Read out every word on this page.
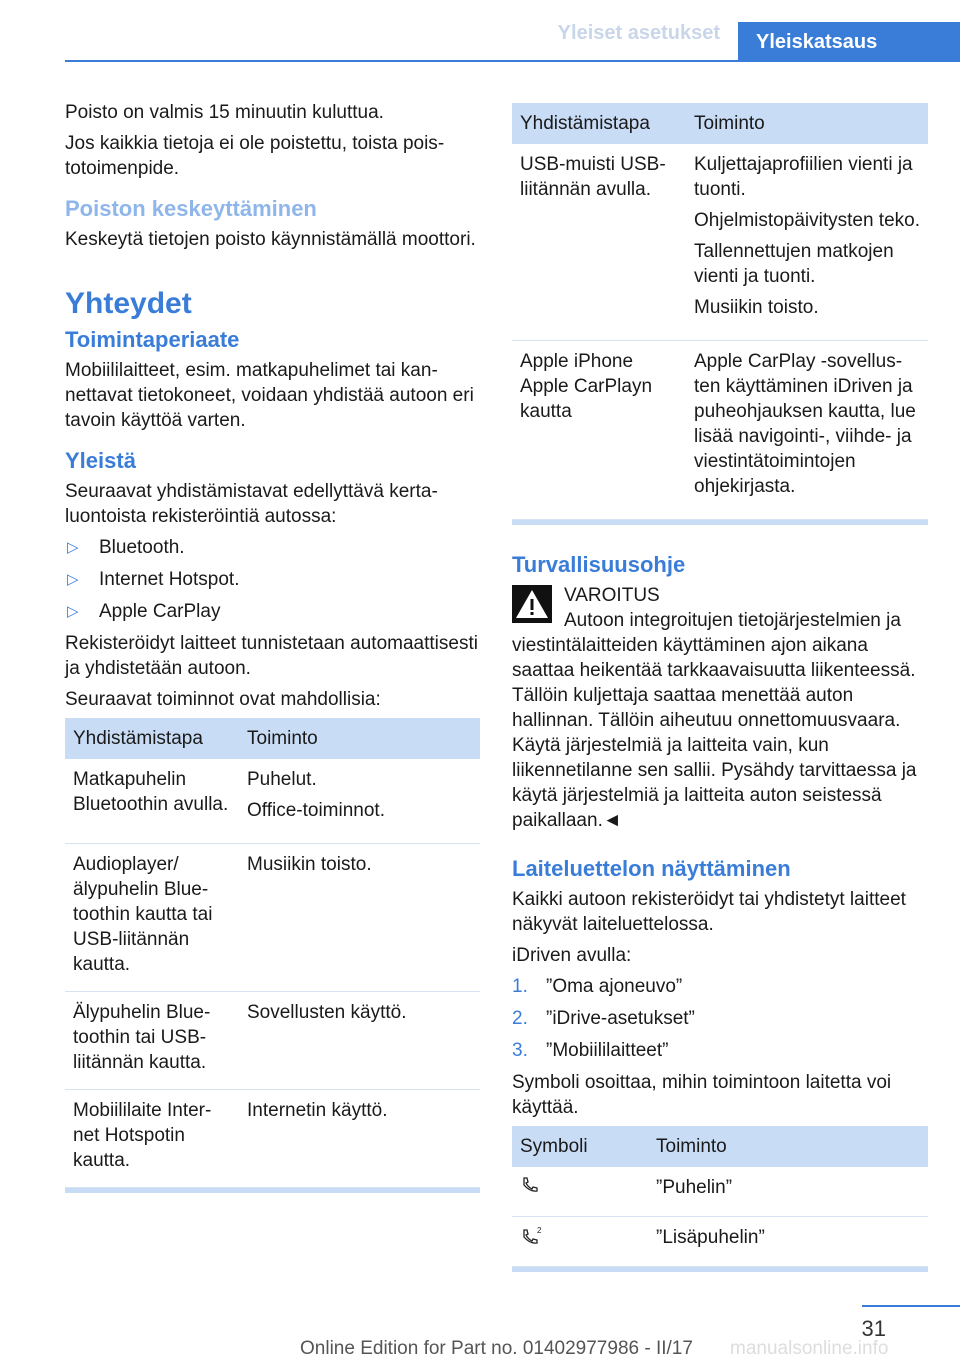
Yleiset asetukset	Yleiskatsaus

Poisto on valmis 15 minuutin kuluttua.

Jos kaikkia tietoja ei ole poistettu, toista poistotoimenpide.

Poiston keskeyttäminen

Keskeytä tietojen poisto käynnistämällä moottori.

Yhteydet
Toimintaperiaate

Mobiililaitteet, esim. matkapuhelimet tai kannettavat tietokoneet, voidaan yhdistää autoon eri tavoin käyttöä varten.

Yleistä

Seuraavat yhdistämistavat edellyttävä kertaluontoista rekisteröintiä autossa:

▷ Bluetooth.
▷ Internet Hotspot.
▷ Apple CarPlay

Rekisteröidyt laitteet tunnistetaan automaattisesti ja yhdistetään autoon.

Seuraavat toiminnot ovat mahdollisia:

Yhdistämistapa	Toiminto
Matkapuhelin Bluetoothin avulla.	Puhelut.

Office-toiminnot.

Audioplayer/ älypuhelin Bluetoothin kautta tai USB-liitännän kautta.	Musiikin toisto.

Älypuhelin Bluetoothin tai USB-liitännän kautta.	Sovellusten käyttö.

Mobiililaite Internet Hotspotin kautta.	Internetin käyttö.

Yhdistämistapa	Toiminto
USB-muisti USB-liitännän avulla.	Kuljettajaprofiilien vienti ja tuonti.

Ohjelmistopäivitysten teko.

Tallennettujen matkojen vienti ja tuonti.

Musiikin toisto.

Apple iPhone Apple CarPlayn kautta	Apple CarPlay -sovellusten käyttäminen iDriven ja puheohjauksen kautta, lue lisää navigointi-, viihde- ja viestintätoimintojen ohjekirjasta.

Turvallisuusohje
VAROITUS

Autoon integroitujen tietojärjestelmien ja viestintälaitteiden käyttäminen ajon aikana saattaa heikentää tarkkaavaisuutta liikenteessä. Tällöin kuljettaja saattaa menettää auton hallinnan. Tällöin aiheutuu onnettomuusvaara. Käytä järjestelmiä ja laitteita vain, kun liikennetilanne sen sallii. Pysähdy tarvittaessa ja käytä järjestelmiä ja laitteita auton seistessä paikallaan.◄

Laiteluettelon näyttäminen

Kaikki autoon rekisteröidyt tai yhdistetyt laitteet näkyvät laiteluettelossa.

iDriven avulla:

1. ”Oma ajoneuvo”
2. ”iDrive-asetukset”
3. ”Mobiililaitteet”

Symboli osoittaa, mihin toimintoon laitetta voi käyttää.

Symboli	Toiminto
	”Puhelin”

2	”Lisäpuhelin”
31
Online Edition for Part no. 01402977986 - II/17 manualsonline.info
